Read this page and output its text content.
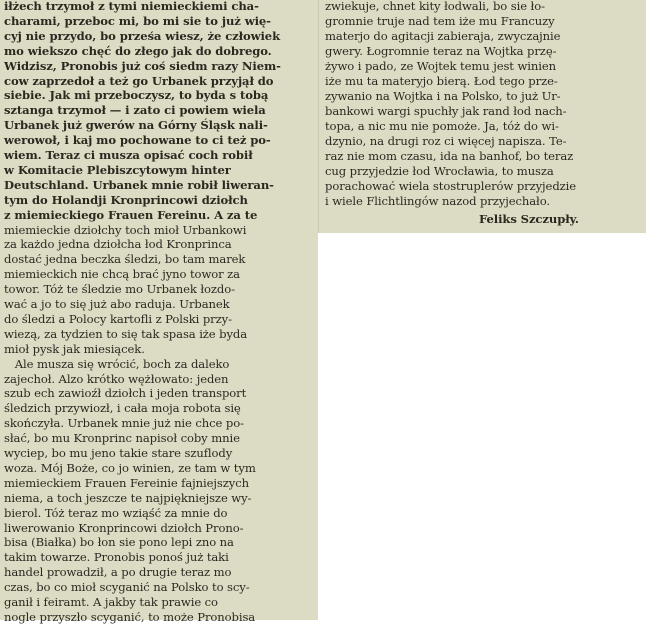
iłżech trzymoł z tymi niemieckiemi cha-
charami, przeboc mi, bo mi sie to już wię-
cyj nie przydo, bo prześa wiesz, że człowiek
mo wiekszo chęć do złego jak do dobrego.
Widzisz, Pronobis już coś siedm razy Niem-
cow zaprzedoł a też go Urbanek przyjął do
siebie. Jak mi przeboczysz, to byda s tobą
sztanga trzymoł — i zato ci powiem wiela
Urbanek już gwerów na Górny Śląsk nali-
werowoł, i kaj mo pochowane to ci też po-
wiem. Teraz ci musza opisać coch robił
w Komitacie Plebiszcytowym hinter
Deutschland. Urbanek mnie robił liweran-
tym do Holandji Kronprincowi dziołch
z miemieckiego Frauen Fereinu. A za te
miemieckie dziołchy toch mioł Urbankowi
za każdo jedna dziołcha łod Kronprinca
dostać jedna beczka śledzi, bo tam marek
miemieckich nie chcą brać jyno towor za
towor. Tóż te śledzie mo Urbanek łozdo-
wać a jo to się już abo raduja. Urbanek
do śledzi a Polocy kartofli z Polski przy-
wiezą, za tydzien to się tak spasa iże byda
mioł pysk jak miesiącek.
Ale musza się wrócić, boch za daleko
zajechoł. Alzo krótko wężłowato: jeden
szub ech zawioźł dziołch i jeden transport
śledzich przywiozł, i cała moja robota się
skończyła. Urbanek mnie już nie chce po-
słać, bo mu Kronprinc napisoł coby mnie
wyciep, bo mu jeno takie stare szuflody
woza. Mój Boże, co jo winien, ze tam w tym
miemieckiem Frauen Fereinie fajniejszych
niema, a toch jeszcze te najpiękniejsze wy-
bierol. Tóż teraz mo wziąść za mnie do
liwerowanio Kronprincowi dziołch Prono-
bisa (Białka) bo łon sie pono lepi zno na
takim towarze. Pronobis ponoś już taki
handel prowadził, a po drugie teraz mo
czas, bo co mioł scyganić na Polsko to scy-
ganił i feiramt. A jakby tak prawie co
nogle przyszło scyganić, to może Pronobisa
zwiekuje, chnet kity łodwali, bo sie ło-
gromnie truje nad tem iże mu Francuzy
materjo do agitacji zabieraja, zwyczajnie
gwery. Łogromnie teraz na Wojtka przę-
żywo i pado, ze Wojtek temu jest winien
iże mu ta materyjo bierą. Łod tego prze-
zywanio na Wojtka i na Polsko, to już Ur-
bankowi wargi spuchły jak rand łod nach-
topa, a nic mu nie pomoże. Ja, tóż do wi-
dzynio, na drugi roz ci więcej napisza. Te-
raz nie mom czasu, ida na banhof, bo teraz
cug przyjedzie łod Wrocławia, to musza
porachować wiela stostruplerów przyjedzie
i wiele Flichtlingów nazod przyjechało.
Feliks Szczupły.
